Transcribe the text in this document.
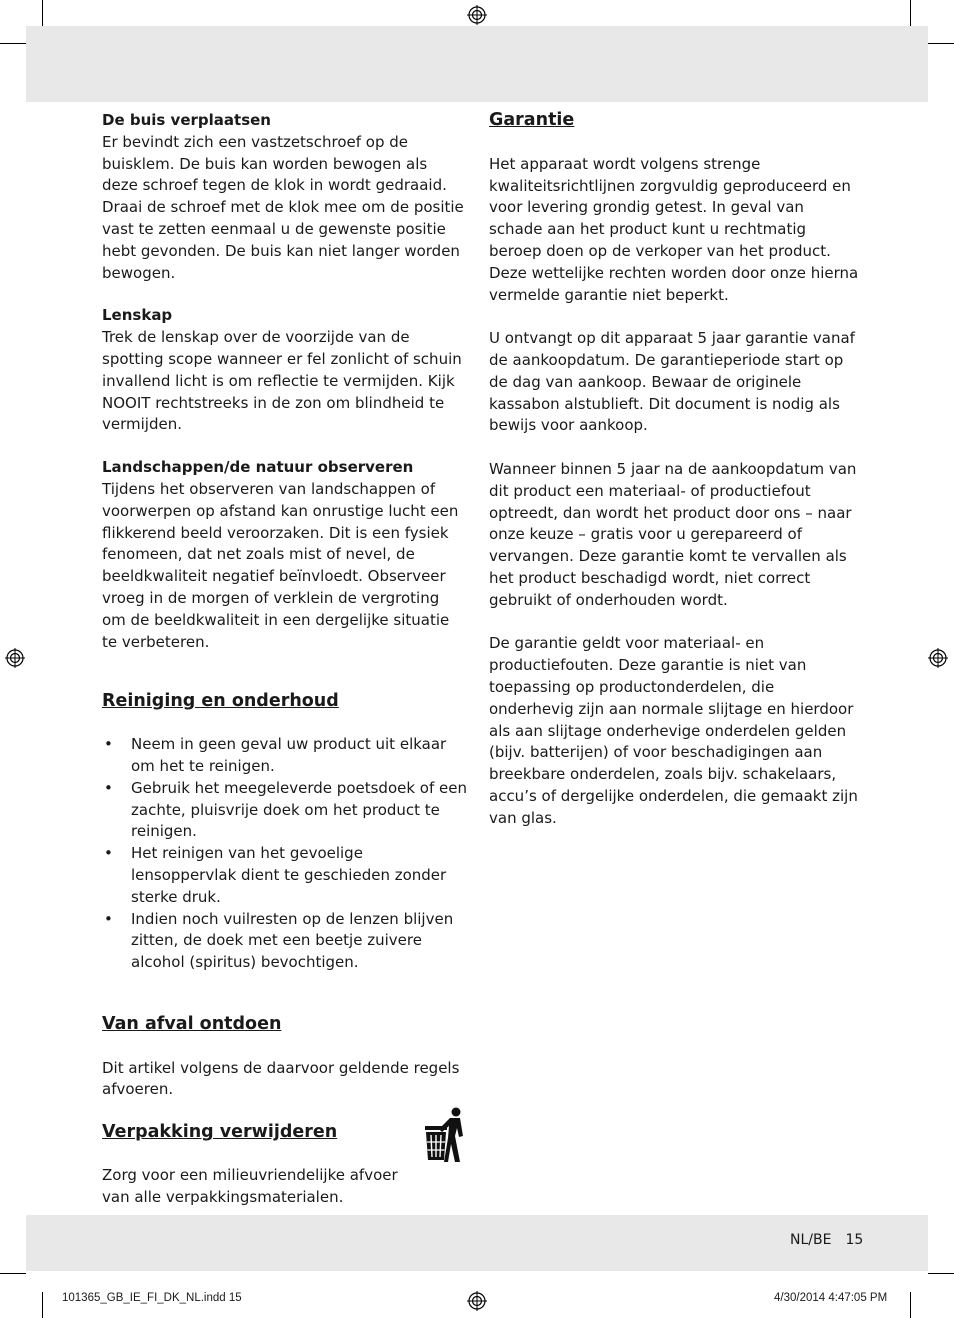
De buis verplaatsen

Er bevindt zich een vastzetschroef op de buisklem. De buis kan worden bewogen als deze schroef tegen de klok in wordt gedraaid. Draai de schroef met de klok mee om de positie vast te zetten eenmaal u de gewenste positie hebt gevonden. De buis kan niet langer worden bewogen.

Lenskap

Trek de lenskap over de voorzijde van de spotting scope wanneer er fel zonlicht of schuin invallend licht is om reflectie te vermijden. Kijk NOOIT rechtstreeks in de zon om blindheid te vermijden.

Landschappen/de natuur observeren

Tijdens het observeren van landschappen of voorwerpen op afstand kan onrustige lucht een flikkerend beeld veroorzaken. Dit is een fysiek fenomeen, dat net zoals mist of nevel, de beeldkwaliteit negatief beïnvloedt. Observeer vroeg in de morgen of verklein de vergroting om de beeldkwaliteit in een dergelijke situatie te verbeteren.

Reiniging en onderhoud

• Neem in geen geval uw product uit elkaar om het te reinigen.
• Gebruik het meegeleverde poetsdoek of een zachte, pluisvrije doek om het product te reinigen.
• Het reinigen van het gevoelige lensoppervlak dient te geschieden zonder sterke druk.
• Indien noch vuilresten op de lenzen blijven zitten, de doek met een beetje zuivere alcohol (spiritus) bevochtigen.

Van afval ontdoen

Dit artikel volgens de daarvoor geldende regels afvoeren.

Verpakking verwijderen

Zorg voor een milieuvriendelijke afvoer van alle verpakkingsmaterialen.

Garantie

Het apparaat wordt volgens strenge kwaliteitsrichtlijnen zorgvuldig geproduceerd en voor levering grondig getest. In geval van schade aan het product kunt u rechtmatig beroep doen op de verkoper van het product. Deze wettelijke rechten worden door onze hierna vermelde garantie niet beperkt.

U ontvangt op dit apparaat 5 jaar garantie vanaf de aankoopdatum. De garantieperiode start op de dag van aankoop. Bewaar de originele kassabon alstublieft. Dit document is nodig als bewijs voor aankoop.

Wanneer binnen 5 jaar na de aankoopdatum van dit product een materiaal- of productiefout optreedt, dan wordt het product door ons – naar onze keuze – gratis voor u gerepareerd of vervangen. Deze garantie komt te vervallen als het product beschadigd wordt, niet correct gebruikt of onderhouden wordt.

De garantie geldt voor materiaal- en productiefouten. Deze garantie is niet van toepassing op productonderdelen, die onderhevig zijn aan normale slijtage en hierdoor als aan slijtage onderhevige onderdelen gelden (bijv. batterijen) of voor beschadigingen aan breekbare onderdelen, zoals bijv. schakelaars, accu’s of dergelijke onderdelen, die gemaakt zijn van glas.

NL/BE 15
101365_GB_IE_FI_DK_NL.indd 15	4/30/2014 4:47:05 PM
